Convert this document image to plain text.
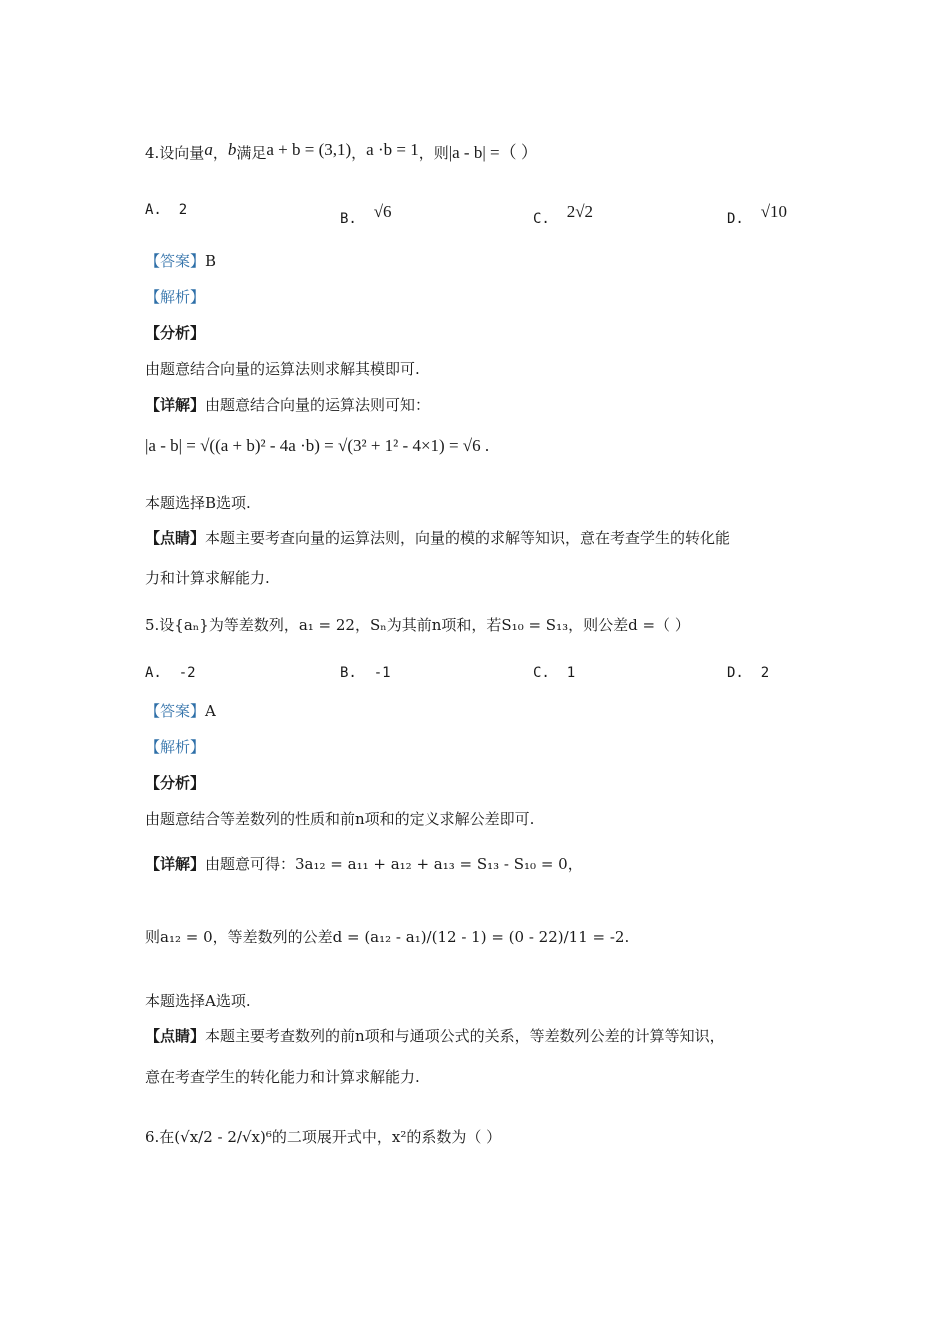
4.设向量a，b满足a + b = (3,1)，a ·b = 1，则|a - b| =（ ）
A. 2
B. √6	C. 2√2	D. √10
【答案】B
【解析】
【分析】
由题意结合向量的运算法则求解其模即可.
【详解】由题意结合向量的运算法则可知：
|a - b| = √((a + b)² - 4a ·b) = √(3² + 1² - 4×1) = √6 .
本题选择B选项.
【点睛】本题主要考查向量的运算法则，向量的模的求解等知识，意在考查学生的转化能
力和计算求解能力.
5.设{aₙ}为等差数列，a₁ = 22，Sₙ为其前n项和，若S₁₀ = S₁₃，则公差d =（ ）
A. -2	B. -1	C. 1	D. 2
【答案】A
【解析】
【分析】
由题意结合等差数列的性质和前n项和的定义求解公差即可.
【详解】由题意可得：3a₁₂ = a₁₁ + a₁₂ + a₁₃ = S₁₃ - S₁₀ = 0，
则a₁₂ = 0，等差数列的公差d = (a₁₂ - a₁)/(12 - 1) = (0 - 22)/11 = -2.
本题选择A选项.
【点睛】本题主要考查数列的前n项和与通项公式的关系，等差数列公差的计算等知识，
意在考查学生的转化能力和计算求解能力.
6.在(√x/2 - 2/√x)⁶的二项展开式中，x²的系数为（ ）
